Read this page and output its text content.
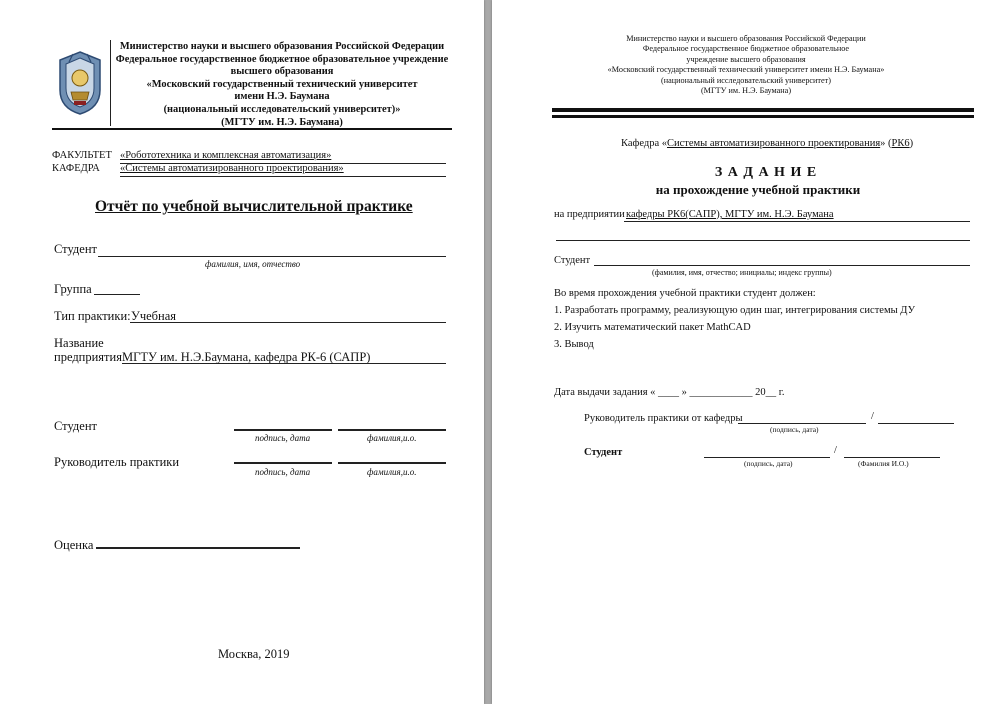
Министерство науки и высшего образования Российской Федерации
Федеральное государственное бюджетное образовательное учреждение
высшего образования
«Московский государственный технический университет
имени Н.Э. Баумана
(национальный исследовательский университет)»
(МГТУ им. Н.Э. Баумана)
ФАКУЛЬТЕТ «Робототехника и комплексная автоматизация»
КАФЕДРА «Системы автоматизированного проектирования»
Отчёт по учебной вычислительной практике
Студент
фамилия, имя, отчество
Группа
Тип практики: Учебная
Название
предприятия МГТУ им. Н.Э.Баумана, кафедра РК-6 (САПР)
Студент
подпись, дата	фамилия,и.о.
Руководитель практики
подпись, дата	фамилия,и.о.
Оценка
Москва, 2019
Министерство науки и высшего образования Российской Федерации
Федеральное государственное бюджетное образовательное
учреждение высшего образования
«Московский государственный технический университет имени Н.Э. Баумана»
(национальный исследовательский университет)
(МГТУ им. Н.Э. Баумана)
Кафедра «Системы автоматизированного проектирования» (РК6)
З А Д А Н И Е
на прохождение учебной практики
на предприятии кафедры РК6(САПР), МГТУ им. Н.Э. Баумана
Студент
(фамилия, имя, отчество; инициалы; индекс группы)
Во время прохождения учебной практики студент должен:
1. Разработать программу, реализующую один шаг, интегрирования системы ДУ
2. Изучить математический пакет MathCAD
3. Вывод
Дата выдачи задания « ____ » ____________ 20__ г.
Руководитель практики от кафедры	/
(подпись, дата)
Студент	/
(подпись, дата)	(Фамилия И.О.)
